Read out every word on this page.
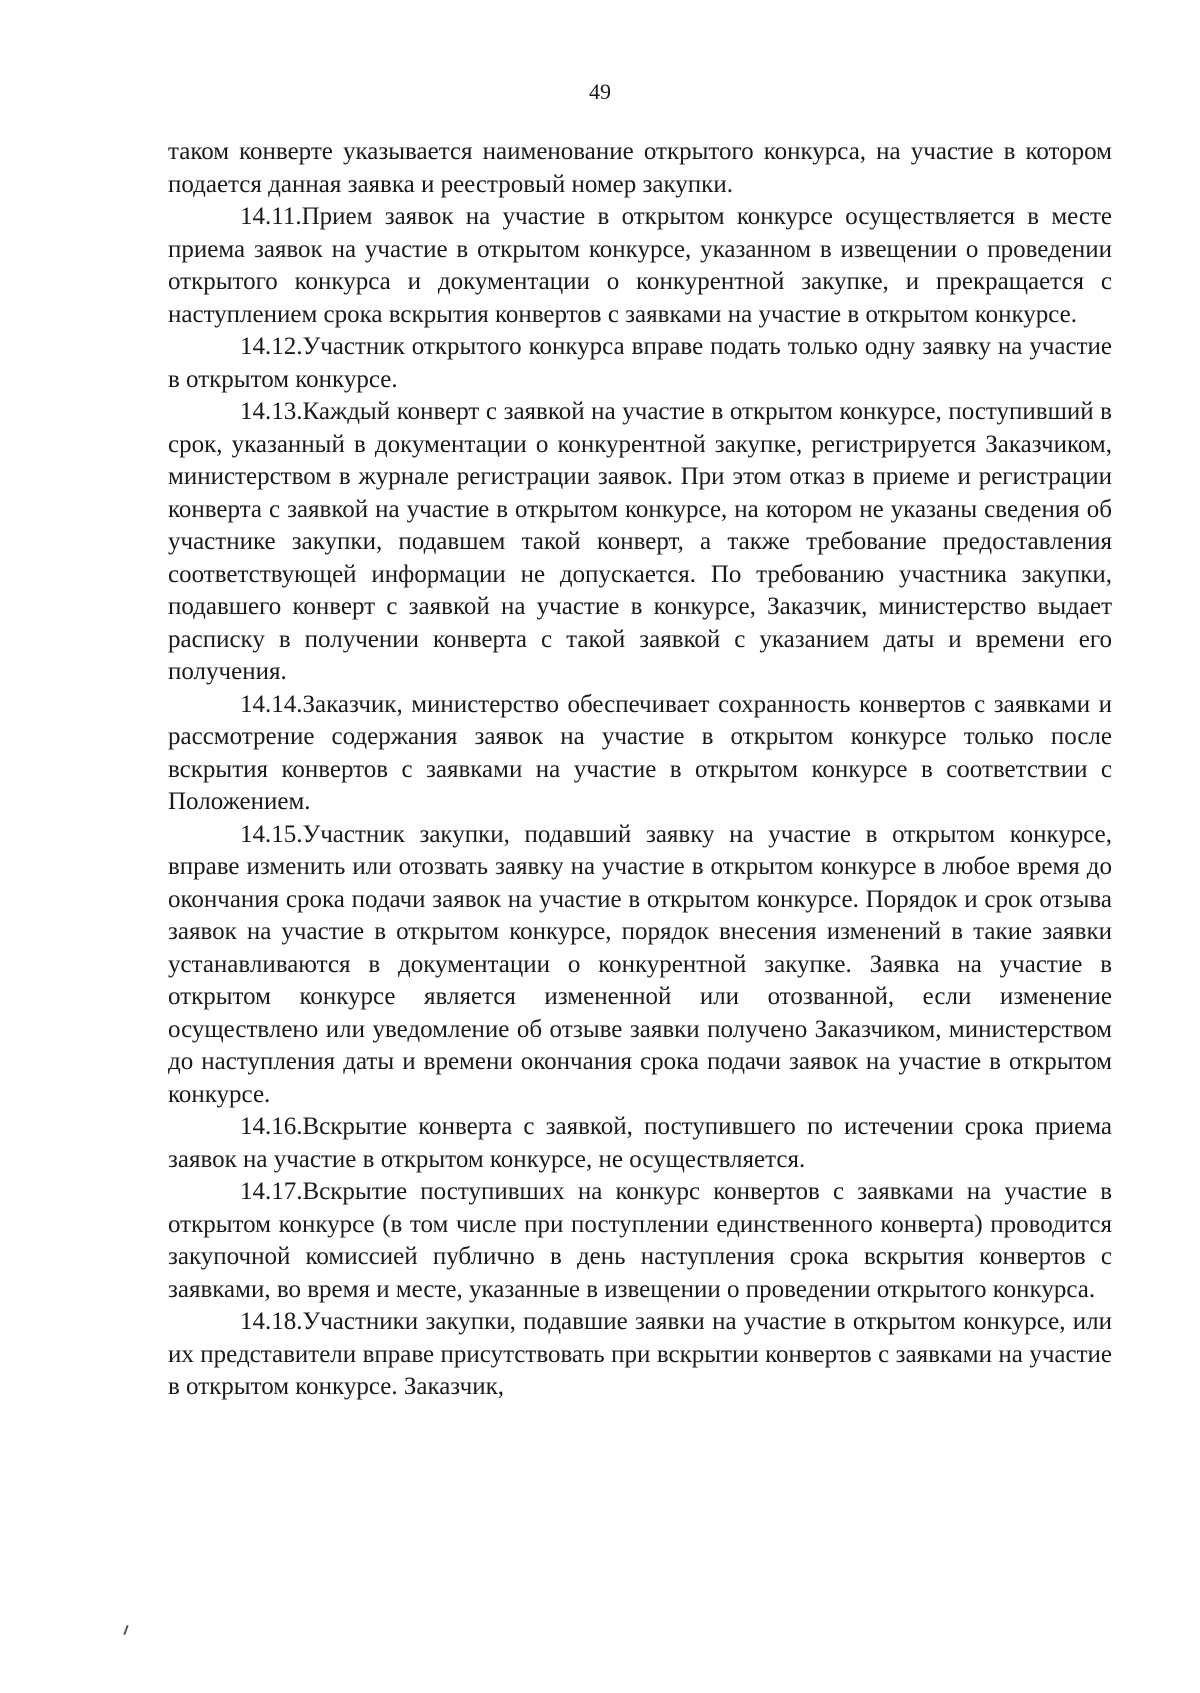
49

таком конверте указывается наименование открытого конкурса, на участие в котором подается данная заявка и реестровый номер закупки.

14.11.Прием заявок на участие в открытом конкурсе осуществляется в месте приема заявок на участие в открытом конкурсе, указанном в извещении о проведении открытого конкурса и документации о конкурентной закупке, и прекращается с наступлением срока вскрытия конвертов с заявками на участие в открытом конкурсе.

14.12.Участник открытого конкурса вправе подать только одну заявку на участие в открытом конкурсе.

14.13.Каждый конверт с заявкой на участие в открытом конкурсе, поступивший в срок, указанный в документации о конкурентной закупке, регистрируется Заказчиком, министерством в журнале регистрации заявок. При этом отказ в приеме и регистрации конверта с заявкой на участие в открытом конкурсе, на котором не указаны сведения об участнике закупки, подавшем такой конверт, а также требование предоставления соответствующей информации не допускается. По требованию участника закупки, подавшего конверт с заявкой на участие в конкурсе, Заказчик, министерство выдает расписку в получении конверта с такой заявкой с указанием даты и времени его получения.

14.14.Заказчик, министерство обеспечивает сохранность конвертов с заявками и рассмотрение содержания заявок на участие в открытом конкурсе только после вскрытия конвертов с заявками на участие в открытом конкурсе в соответствии с Положением.

14.15.Участник закупки, подавший заявку на участие в открытом конкурсе, вправе изменить или отозвать заявку на участие в открытом конкурсе в любое время до окончания срока подачи заявок на участие в открытом конкурсе. Порядок и срок отзыва заявок на участие в открытом конкурсе, порядок внесения изменений в такие заявки устанавливаются в документации о конкурентной закупке. Заявка на участие в открытом конкурсе является измененной или отозванной, если изменение осуществлено или уведомление об отзыве заявки получено Заказчиком, министерством до наступления даты и времени окончания срока подачи заявок на участие в открытом конкурсе.

14.16.Вскрытие конверта с заявкой, поступившего по истечении срока приема заявок на участие в открытом конкурсе, не осуществляется.

14.17.Вскрытие поступивших на конкурс конвертов с заявками на участие в открытом конкурсе (в том числе при поступлении единственного конверта) проводится закупочной комиссией публично в день наступления срока вскрытия конвертов с заявками, во время и месте, указанные в извещении о проведении открытого конкурса.

14.18.Участники закупки, подавшие заявки на участие в открытом конкурсе, или их представители вправе присутствовать при вскрытии конвертов с заявками на участие в открытом конкурсе. Заказчик,
